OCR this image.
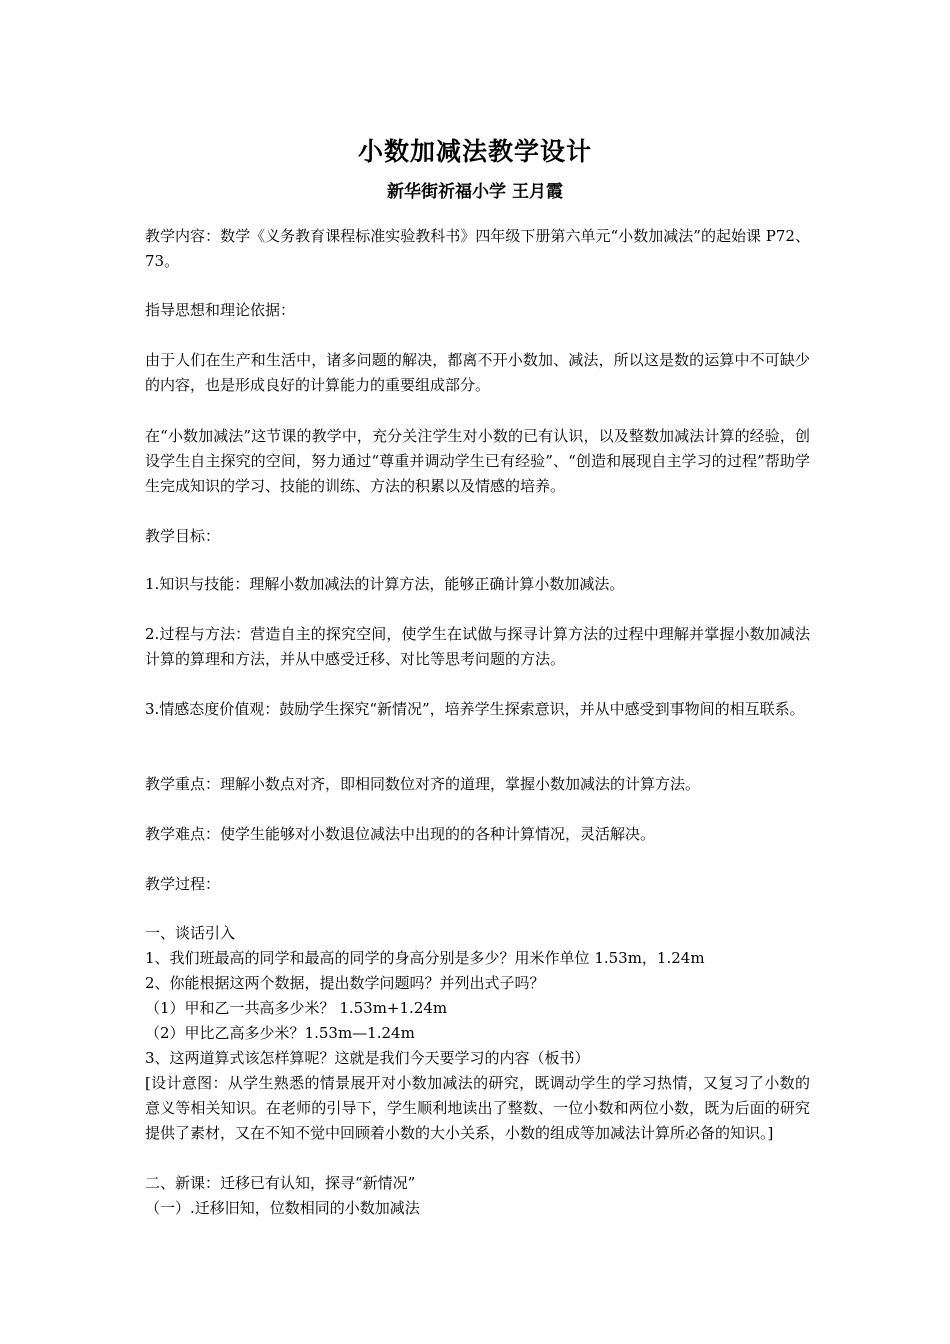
小数加减法教学设计
新华街祈福小学 王月霞
教学内容：数学《义务教育课程标准实验教科书》四年级下册第六单元“小数加减法”的起始课 P72、73。
指导思想和理论依据：
由于人们在生产和生活中，诸多问题的解决，都离不开小数加、减法，所以这是数的运算中不可缺少的内容，也是形成良好的计算能力的重要组成部分。
在“小数加减法”这节课的教学中，充分关注学生对小数的已有认识，以及整数加减法计算的经验，创设学生自主探究的空间，努力通过“尊重并调动学生已有经验”、“创造和展现自主学习的过程”帮助学生完成知识的学习、技能的训练、方法的积累以及情感的培养。
教学目标：
1.知识与技能：理解小数加减法的计算方法，能够正确计算小数加减法。
2.过程与方法：营造自主的探究空间，使学生在试做与探寻计算方法的过程中理解并掌握小数加减法计算的算理和方法，并从中感受迁移、对比等思考问题的方法。
3.情感态度价值观：鼓励学生探究“新情况”，培养学生探索意识，并从中感受到事物间的相互联系。
教学重点：理解小数点对齐，即相同数位对齐的道理，掌握小数加减法的计算方法。
教学难点：使学生能够对小数退位减法中出现的的各种计算情况，灵活解决。
教学过程：
一、谈话引入
1、我们班最高的同学和最高的同学的身高分别是多少？用米作单位 1.53m，1.24m
2、你能根据这两个数据，提出数学问题吗？并列出式子吗？
（1）甲和乙一共高多少米？ 1.53m+1.24m
（2）甲比乙高多少米？1.53m—1.24m
3、这两道算式该怎样算呢？这就是我们今天要学习的内容（板书）
[设计意图：从学生熟悉的情景展开对小数加减法的研究，既调动学生的学习热情，又复习了小数的意义等相关知识。在老师的引导下，学生顺利地读出了整数、一位小数和两位小数，既为后面的研究提供了素材，又在不知不觉中回顾着小数的大小关系，小数的组成等加减法计算所必备的知识。]
二、新课：迁移已有认知，探寻“新情况”
（一）.迁移旧知，位数相同的小数加减法
